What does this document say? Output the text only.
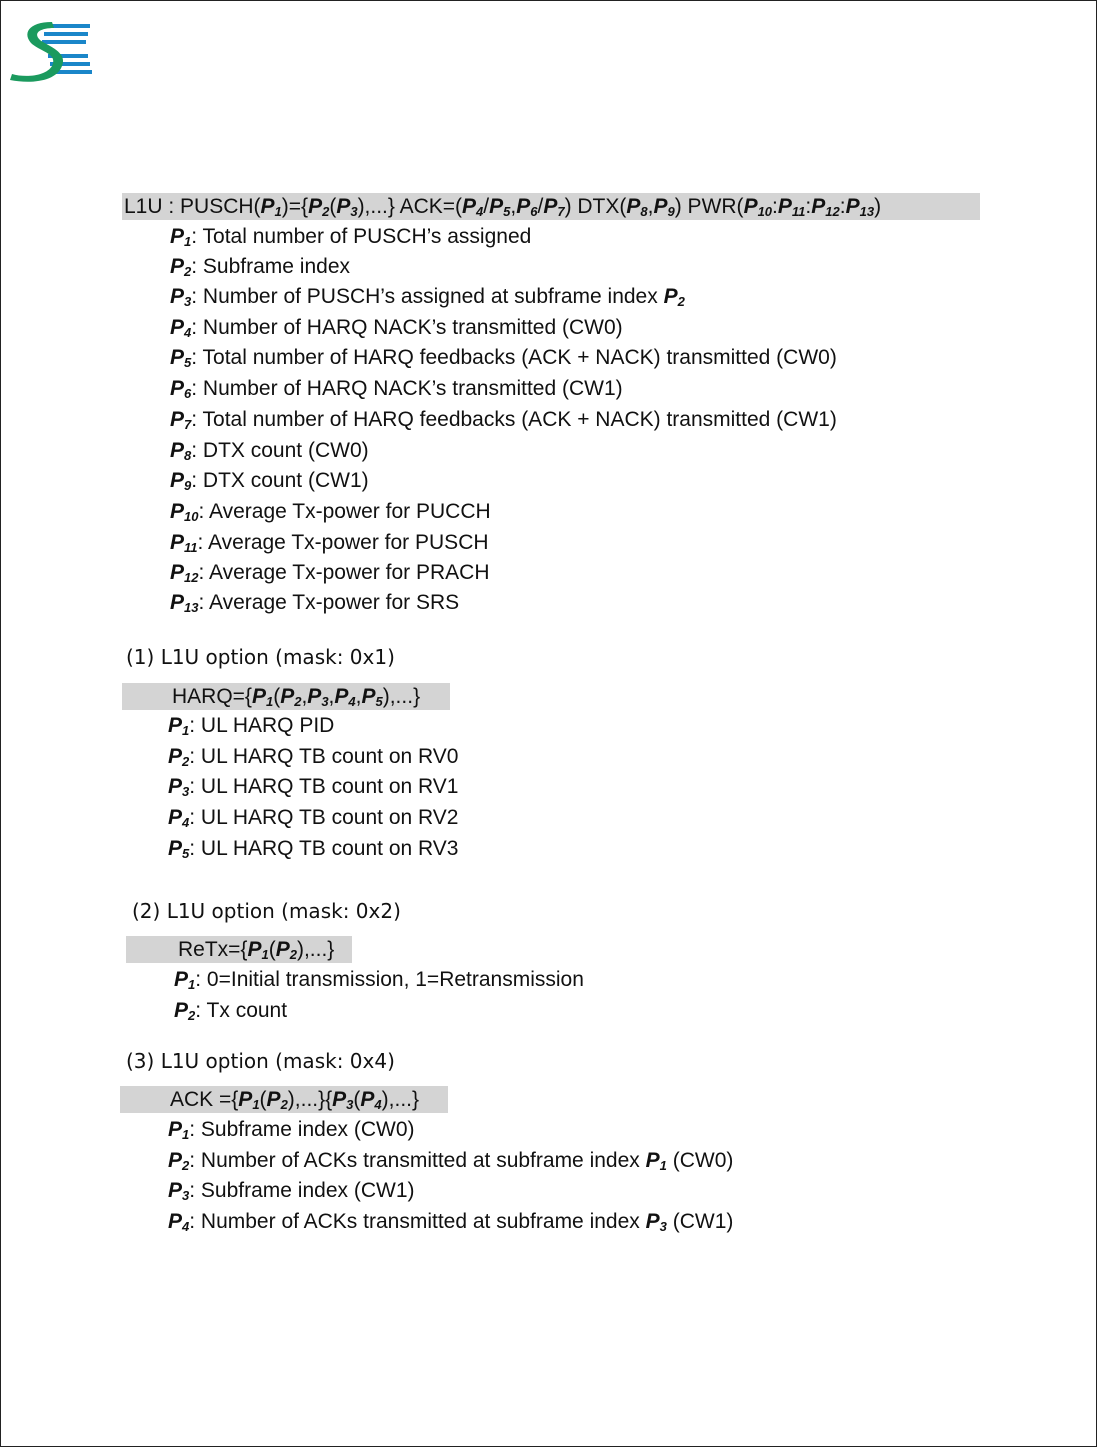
L1U : $PUSCH(P_1)=\{P_2(P_3),...\}$ $ACK=(P_4/P_5,P_6/P_7)$ $DTX(P_8,P_9)$ $PWR(P_{10}:P_{11}:P_{12}:P_{13})$
$P_1$: Total number of PUSCH’s assigned
$P_2$: Subframe index
$P_3$: Number of PUSCH’s assigned at subframe index $P_2$
$P_4$: Number of HARQ NACK’s transmitted (CW0)
$P_5$: Total number of HARQ feedbacks (ACK + NACK) transmitted (CW0)
$P_6$: Number of HARQ NACK’s transmitted (CW1)
$P_7$: Total number of HARQ feedbacks (ACK + NACK) transmitted (CW1)
$P_8$: DTX count (CW0)
$P_9$: DTX count (CW1)
$P_{10}$: Average Tx-power for PUCCH
$P_{11}$: Average Tx-power for PUSCH
$P_{12}$: Average Tx-power for PRACH
$P_{13}$: Average Tx-power for SRS
(1) L1U option (mask: 0x1)
$HARQ=\{P_1(P_2,P_3,P_4,P_5),...\}$
$P_1$: UL HARQ PID
$P_2$: UL HARQ TB count on RV0
$P_3$: UL HARQ TB count on RV1
$P_4$: UL HARQ TB count on RV2
$P_5$: UL HARQ TB count on RV3
(2) L1U option (mask: 0x2)
$ReTx=\{P_1(P_2),...\}$
$P_1$: 0=Initial transmission, 1=Retransmission
$P_2$: Tx count
(3) L1U option (mask: 0x4)
ACK $=\{P_1(P_2),...\}\{P_3(P_4),...\}$
$P_1$: Subframe index (CW0)
$P_2$: Number of ACKs transmitted at subframe index $P_1$ (CW0)
$P_3$: Subframe index (CW1)
$P_4$: Number of ACKs transmitted at subframe index $P_3$ (CW1)
